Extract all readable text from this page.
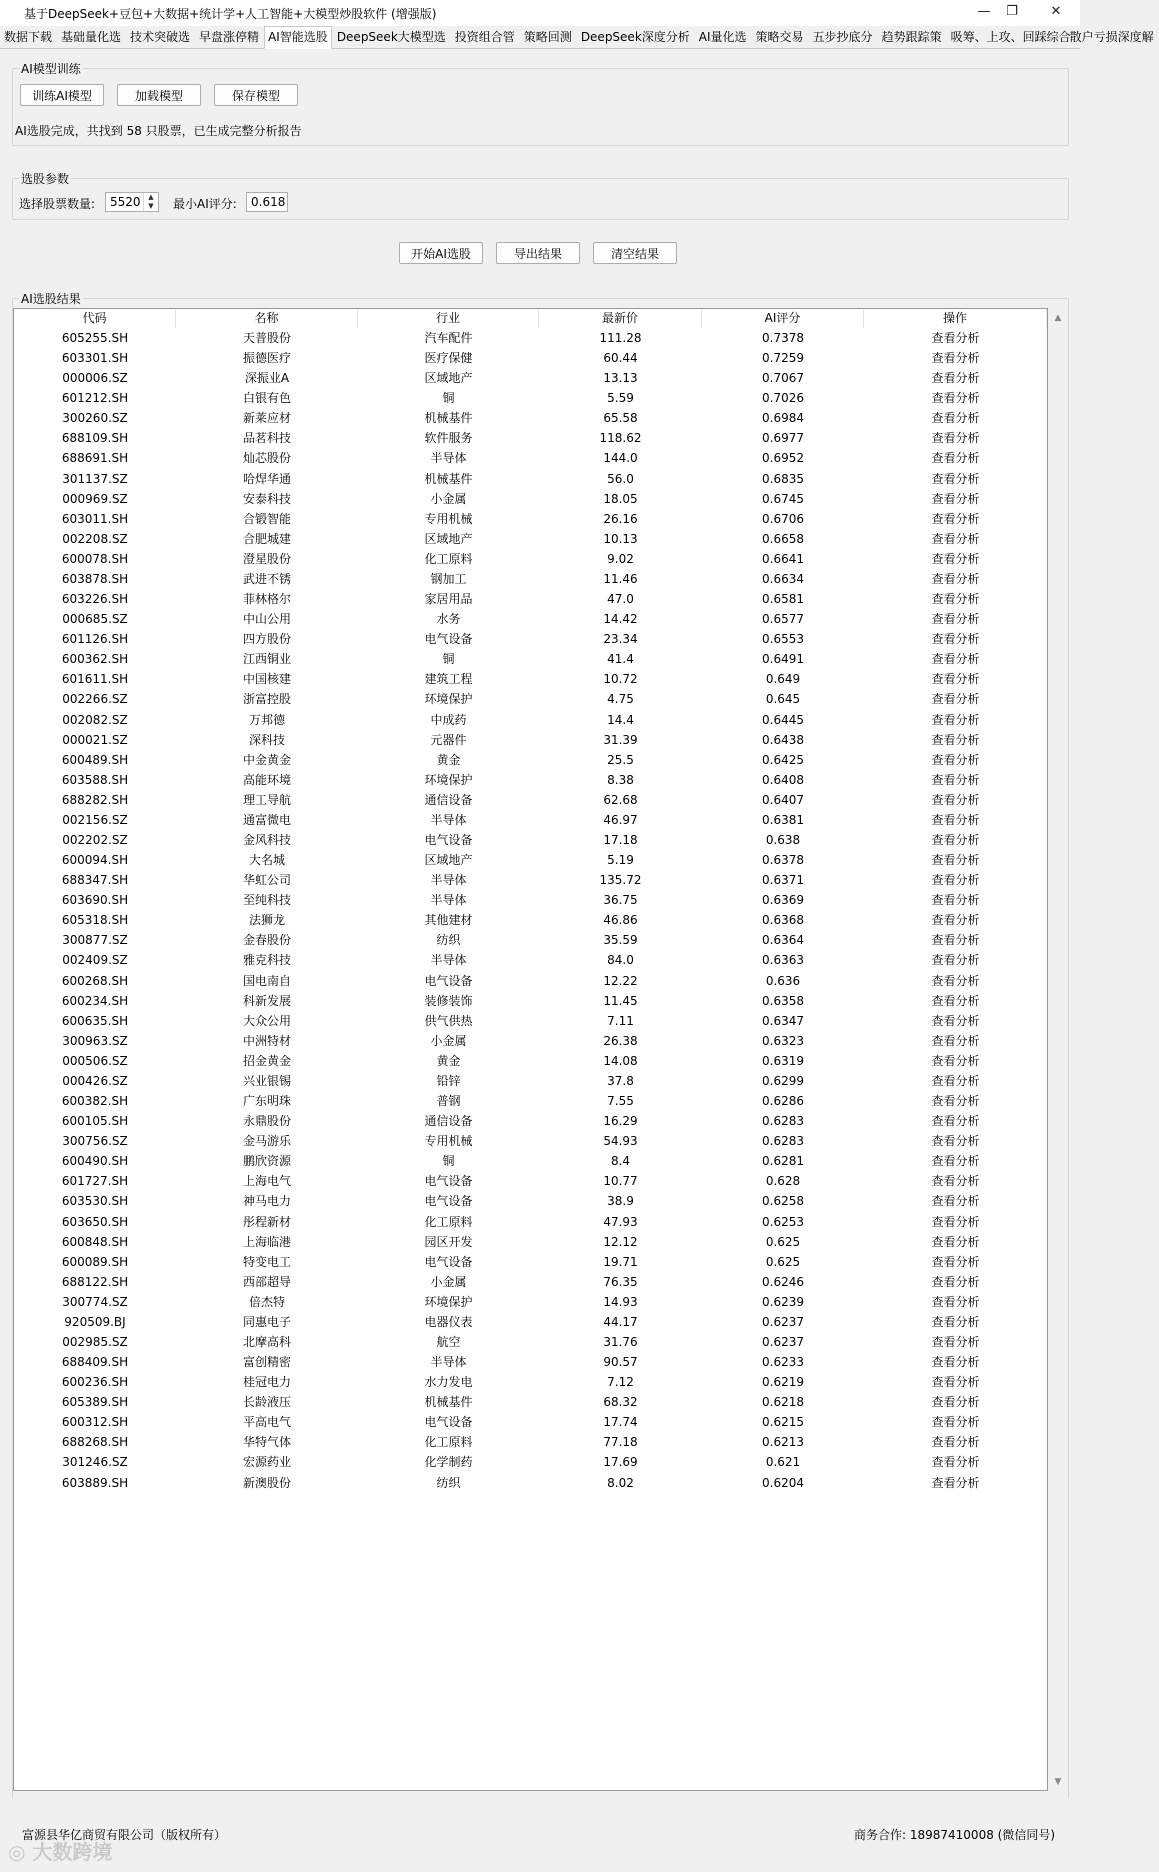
基于DeepSeek+豆包+大数据+统计学+人工智能+大模型炒股软件 (增强版)	—	❐	✕
数据下载 基础量化选 技术突破选 早盘涨停精 AI智能选股 DeepSeek大模型选 投资组合管 策略回测 DeepSeek深度分析 AI量化选 策略交易 五步抄底分 趋势跟踪策 吸筹、上攻、回踩综合散户亏损深度解
AI模型训练
训练AI模型	加载模型	保存模型
AI选股完成，共找到 58 只股票，已生成完整分析报告
选股参数
选择股票数量:	5520	▲
▼	最小AI评分:	0.618
开始AI选股	导出结果	清空结果
AI选股结果
代码	名称	行业	最新价	AI评分	操作
605255.SH	天普股份	汽车配件	111.28	0.7378	查看分析
603301.SH	振德医疗	医疗保健	60.44	0.7259	查看分析
000006.SZ	深振业A	区域地产	13.13	0.7067	查看分析
601212.SH	白银有色	铜	5.59	0.7026	查看分析
300260.SZ	新莱应材	机械基件	65.58	0.6984	查看分析
688109.SH	品茗科技	软件服务	118.62	0.6977	查看分析
688691.SH	灿芯股份	半导体	144.0	0.6952	查看分析
301137.SZ	哈焊华通	机械基件	56.0	0.6835	查看分析
000969.SZ	安泰科技	小金属	18.05	0.6745	查看分析
603011.SH	合锻智能	专用机械	26.16	0.6706	查看分析
002208.SZ	合肥城建	区域地产	10.13	0.6658	查看分析
600078.SH	澄星股份	化工原料	9.02	0.6641	查看分析
603878.SH	武进不锈	钢加工	11.46	0.6634	查看分析
603226.SH	菲林格尔	家居用品	47.0	0.6581	查看分析
000685.SZ	中山公用	水务	14.42	0.6577	查看分析
601126.SH	四方股份	电气设备	23.34	0.6553	查看分析
600362.SH	江西铜业	铜	41.4	0.6491	查看分析
601611.SH	中国核建	建筑工程	10.72	0.649	查看分析
002266.SZ	浙富控股	环境保护	4.75	0.645	查看分析
002082.SZ	万邦德	中成药	14.4	0.6445	查看分析
000021.SZ	深科技	元器件	31.39	0.6438	查看分析
600489.SH	中金黄金	黄金	25.5	0.6425	查看分析
603588.SH	高能环境	环境保护	8.38	0.6408	查看分析
688282.SH	理工导航	通信设备	62.68	0.6407	查看分析
002156.SZ	通富微电	半导体	46.97	0.6381	查看分析
002202.SZ	金风科技	电气设备	17.18	0.638	查看分析
600094.SH	大名城	区域地产	5.19	0.6378	查看分析
688347.SH	华虹公司	半导体	135.72	0.6371	查看分析
603690.SH	至纯科技	半导体	36.75	0.6369	查看分析
605318.SH	法狮龙	其他建材	46.86	0.6368	查看分析
300877.SZ	金春股份	纺织	35.59	0.6364	查看分析
002409.SZ	雅克科技	半导体	84.0	0.6363	查看分析
600268.SH	国电南自	电气设备	12.22	0.636	查看分析
600234.SH	科新发展	装修装饰	11.45	0.6358	查看分析
600635.SH	大众公用	供气供热	7.11	0.6347	查看分析
300963.SZ	中洲特材	小金属	26.38	0.6323	查看分析
000506.SZ	招金黄金	黄金	14.08	0.6319	查看分析
000426.SZ	兴业银锡	铅锌	37.8	0.6299	查看分析
600382.SH	广东明珠	普钢	7.55	0.6286	查看分析
600105.SH	永鼎股份	通信设备	16.29	0.6283	查看分析
300756.SZ	金马游乐	专用机械	54.93	0.6283	查看分析
600490.SH	鹏欣资源	铜	8.4	0.6281	查看分析
601727.SH	上海电气	电气设备	10.77	0.628	查看分析
603530.SH	神马电力	电气设备	38.9	0.6258	查看分析
603650.SH	彤程新材	化工原料	47.93	0.6253	查看分析
600848.SH	上海临港	园区开发	12.12	0.625	查看分析
600089.SH	特变电工	电气设备	19.71	0.625	查看分析
688122.SH	西部超导	小金属	76.35	0.6246	查看分析
300774.SZ	倍杰特	环境保护	14.93	0.6239	查看分析
920509.BJ	同惠电子	电器仪表	44.17	0.6237	查看分析
002985.SZ	北摩高科	航空	31.76	0.6237	查看分析
688409.SH	富创精密	半导体	90.57	0.6233	查看分析
600236.SH	桂冠电力	水力发电	7.12	0.6219	查看分析
605389.SH	长龄液压	机械基件	68.32	0.6218	查看分析
600312.SH	平高电气	电气设备	17.74	0.6215	查看分析
688268.SH	华特气体	化工原料	77.18	0.6213	查看分析
301246.SZ	宏源药业	化学制药	17.69	0.621	查看分析
603889.SH	新澳股份	纺织	8.02	0.6204	查看分析
▲
▼
富源县华亿商贸有限公司（版权所有）	商务合作: 18987410008 (微信同号)
◎ 大数跨境
